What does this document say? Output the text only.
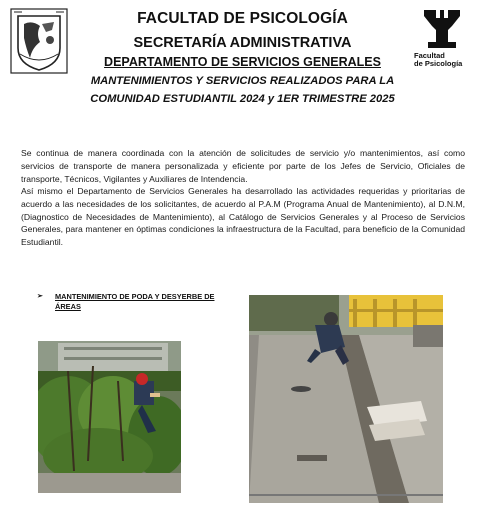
FACULTAD DE PSICOLOGÍA
SECRETARÍA ADMINISTRATIVA
DEPARTAMENTO DE SERVICIOS GENERALES
MANTENIMIENTOS Y SERVICIOS REALIZADOS PARA LA
COMUNIDAD ESTUDIANTIL 2024 y 1ER TRIMESTRE 2025
Facultad
de Psicología
Se continua de manera coordinada con la atención de solicitudes de servicio y/o mantenimientos, así como servicios de transporte de manera personalizada y eficiente por parte de los Jefes de Servicio, Oficiales de transporte, Técnicos, Vigilantes y Auxiliares de Intendencia.
Así mismo el Departamento de Servicios Generales ha desarrollado las actividades requeridas y prioritarias de acuerdo a las necesidades de los solicitantes, de acuerdo al P.A.M (Programa Anual de Mantenimiento), al D.N.M, (Diagnostico de Necesidades de Mantenimiento), al Catálogo de Servicios Generales y al Proceso de Servicios Generales, para mantener en óptimas condiciones la infraestructura de la Facultad, para beneficio de la Comunidad Estudiantil.
➢ MANTENIMIENTO DE PODA Y DESYERBE DE ÁREAS
